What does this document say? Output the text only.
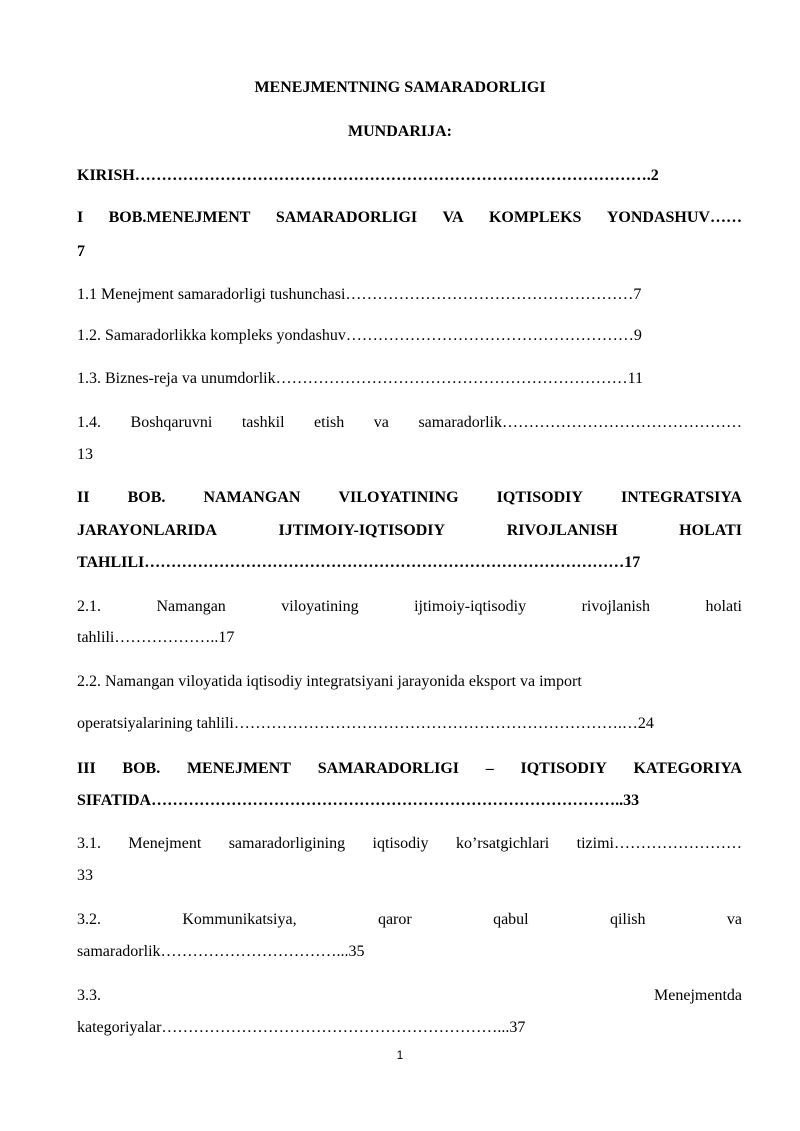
MENEJMENTNING SAMARADORLIGI
MUNDARIJA:
KIRISH…………………………………………………………………………………….2
I BOB.MENEJMENT SAMARADORLIGI VA KOMPLEKS YONDASHUV……
7
1.1 Menejment samaradorligi tushunchasi………………………………………………7
1.2. Samaradorlikka kompleks yondashuv………………………………………………9
1.3. Biznes-reja va unumdorlik…………………………………………………………11
1.4. Boshqaruvni tashkil etish va samaradorlik………………………………………
13
II BOB. NAMANGAN VILOYATINING IQTISODIY INTEGRATSIYA
JARAYONLARIDA	IJTIMOIY-IQTISODIY	RIVOJLANISH	HOLATI
TAHLILI………………………………………………………………………………17
2.1.	Namangan	viloyatining	ijtimoiy-iqtisodiy	rivojlanish	holati
tahlili………………..17
2.2. Namangan viloyatida iqtisodiy integratsiyani jarayonida eksport va import
operatsiyalarining tahlili……………………………………………………………….…24
III BOB. MENEJMENT SAMARADORLIGI – IQTISODIY KATEGORIYA
SIFATIDA……………………………………………………………………………..33
3.1. Menejment samaradorligining iqtisodiy ko’rsatgichlari tizimi……………………
33
3.2.	Kommunikatsiya,	qaror	qabul	qilish	va
samaradorlik……………………………...35
3.3.	Menejmentda
kategoriyalar………………………………………………………...37
1
